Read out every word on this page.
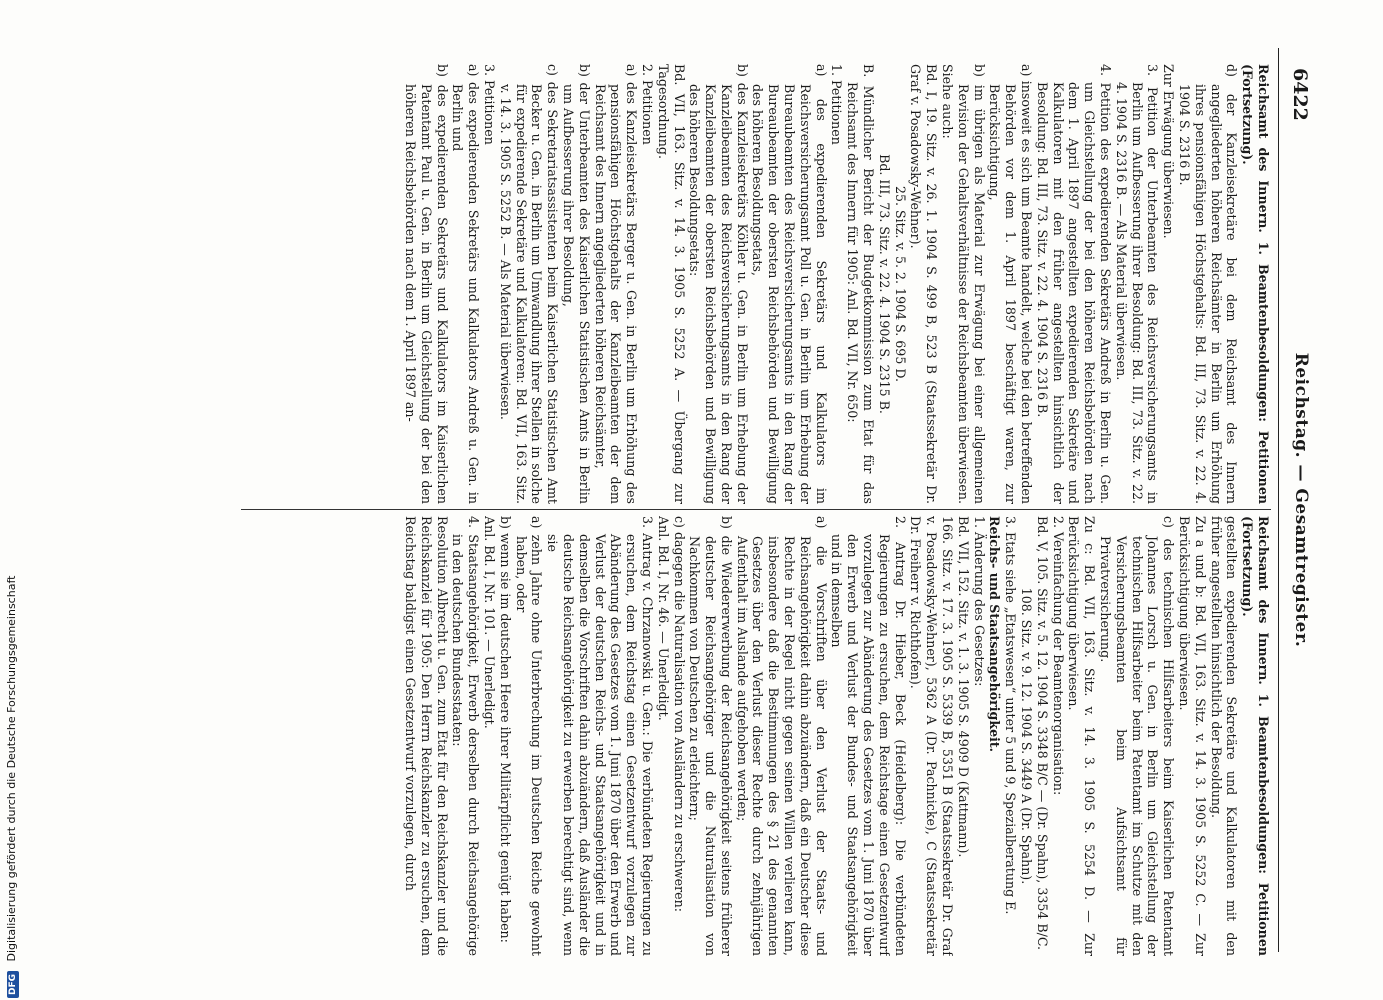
6422
Reichstag. — Gesamtregister.

Reichsamt des Innern. 1. Beamtenbesoldungen: Petitionen (Fortsetzung).

d) der Kanzleisekretäre bei dem Reichsamt des Innern angegliederten höheren Reichsämter in Berlin um Erhöhung ihres pensionsfähigen Höchstgehalts: Bd. III, 73. Sitz. v. 22. 4. 1904 S. 2316 B.

Zur Erwägung überwiesen.

3. Petition der Unterbeamten des Reichsversicherungsamts in Berlin um Aufbesserung ihrer Besoldung: Bd. III, 73. Sitz. v. 22. 4. 1904 S. 2316 B. — Als Material überwiesen.

4. Petition des expedierenden Sekretärs Andreß in Berlin u. Gen. um Gleichstellung der bei den höheren Reichsbehörden nach dem 1. April 1897 angestellten expedierenden Sekretäre und Kalkulatoren mit den früher angestellten hinsichtlich der Besoldung: Bd. III, 73. Sitz. v. 22. 4. 1904 S. 2316 B.

a) insoweit es sich um Beamte handelt, welche bei den betreffenden Behörden vor dem 1. April 1897 beschäftigt waren, zur Berücksichtigung,

b) im übrigen als Material zur Erwägung bei einer allgemeinen Revision der Gehaltsverhältnisse der Reichsbeamten überwiesen.

Siehe auch:

Bd. I, 19. Sitz. v. 26. 1. 1904 S. 499 B, 523 B (Staatssekretär Dr. Graf v. Posadowsky-Wehner).

25. Sitz. v. 5. 2. 1904 S. 695 D.

Bd. III, 73. Sitz. v. 22. 4. 1904 S. 2315 B.

B. Mündlicher Bericht der Budgetkommission zum Etat für das Reichsamt des Innern für 1905: Anl. Bd. VII, Nr. 650:

1. Petitionen

a) des expedierenden Sekretärs und Kalkulators im Reichsversicherungsamt Poll u. Gen. in Berlin um Erhebung der Bureaubeamten des Reichsversicherungsamts in den Rang der Bureaubeamten der obersten Reichsbehörden und Bewilligung des höheren Besoldungsetats,

b) des Kanzleisekretärs Köhler u. Gen. in Berlin um Erhebung der Kanzleibeamten des Reichsversicherungsamts in den Rang der Kanzleibeamten der obersten Reichsbehörden und Bewilligung des höheren Besoldungsetats:

Bd. VII, 163. Sitz. v. 14. 3. 1905 S. 5252 A. — Übergang zur Tagesordnung.

2. Petitionen

a) des Kanzleisekretärs Berger u. Gen. in Berlin um Erhöhung des pensionsfähigen Höchstgehalts der Kanzleibeamten der dem Reichsamt des Innern angegliederten höheren Reichsämter,

b) der Unterbeamten des Kaiserlichen Statistischen Amts in Berlin um Aufbesserung ihrer Besoldung,

c) des Sekretariatsassistenten beim Kaiserlichen Statistischen Amt Becker u. Gen. in Berlin um Umwandlung ihrer Stellen in solche für expedierende Sekretäre und Kalkulatoren: Bd. VII, 163. Sitz. v. 14. 3. 1905 S. 5252 B. — Als Material überwiesen.

3. Petitionen

a) des expedierenden Sekretärs und Kalkulators Andreß u. Gen. in Berlin und

b) des expedierenden Sekretärs und Kalkulators im Kaiserlichen Patentamt Paul u. Gen. in Berlin um Gleichstellung der bei den höheren Reichsbehörden nach dem 1. April 1897 an-

Reichsamt des Innern. 1. Beamtenbesoldungen: Petitionen (Fortsetzung).

gestellten expedierenden Sekretäre und Kalkulatoren mit den früher angestellten hinsichtlich der Besoldung.

Zu a und b: Bd. VII, 163. Sitz. v. 14. 3. 1905 S. 5252 C. — Zur Berücksichtigung überwiesen.

c) des technischen Hilfsarbeiters beim Kaiserlichen Patentamt Johannes Lorsch u. Gen. in Berlin um Gleichstellung der technischen Hilfsarbeiter beim Patentamt im Schutze mit den Versicherungsbeamten beim Aufsichtsamt für Privatversicherung.

Zu c: Bd. VII, 163. Sitz. v. 14. 3. 1905 S. 5254 D. — Zur Berücksichtigung überwiesen.

2. Vereinfachung der Beamtenorganisation:

Bd. V, 105. Sitz. v. 5. 12. 1904 S. 3348 B/C — (Dr. Spahn), 3354 B/C.

108. Sitz. v. 9. 12. 1904 S. 3449 A (Dr. Spahn).

3. Etats siehe „Etatswesen“ unter 5 und 9, Spezialberatung E.

Reichs- und Staatsangehörigkeit.

1. Änderung des Gesetzes:

Bd. VII, 152. Sitz. v. 1. 3. 1905 S. 4909 D (Kattmann).

166. Sitz. v. 17. 3. 1905 S. 5339 B, 5351 B (Staatssekretär Dr. Graf v. Posadowsky-Wehner), 5362 A (Dr. Pachnicke), C (Staatssekretär Dr. Freiherr v. Richthofen).

2. Antrag Dr. Hieber, Beck (Heidelberg): Die verbündeten Regierungen zu ersuchen, dem Reichstage einen Gesetzentwurf vorzulegen zur Abänderung des Gesetzes vom 1. Juni 1870 über den Erwerb und Verlust der Bundes- und Staatsangehörigkeit und in demselben

a) die Vorschriften über den Verlust der Staats- und Reichsangehörigkeit dahin abzuändern, daß ein Deutscher diese Rechte in der Regel nicht gegen seinen Willen verlieren kann, insbesondere daß die Bestimmungen des § 21 des genannten Gesetzes über den Verlust dieser Rechte durch zehnjährigen Aufenthalt im Auslande aufgehoben werden;

b) die Wiedererwerbung der Reichsangehörigkeit seitens früherer deutscher Reichsangehöriger und die Naturalisation von Nachkommen von Deutschen zu erleichtern;

c) dagegen die Naturalisation von Ausländern zu erschweren:

Anl. Bd. I, Nr. 46. — Unerledigt.

3. Antrag v. Chrzanowski u. Gen.: Die verbündeten Regierungen zu ersuchen, dem Reichstag einen Gesetzentwurf vorzulegen zur Abänderung des Gesetzes vom 1. Juni 1870 über den Erwerb und Verlust der deutschen Reichs- und Staatsangehörigkeit und in demselben die Vorschriften dahin abzuändern, daß Ausländer die deutsche Reichsangehörigkeit zu erwerben berechtigt sind, wenn sie

a) zehn Jahre ohne Unterbrechung im Deutschen Reiche gewohnt haben, oder

b) wenn sie im deutschen Heere ihrer Militärpflicht genügt haben:

Anl. Bd. I, Nr. 101. — Unerledigt.

4. Staatsangehörigkeit, Erwerb derselben durch Reichsangehörige in den deutschen Bundesstaaten:

Resolution Albrecht u. Gen. zum Etat für den Reichskanzler und die Reichskanzlei für 1905: Den Herrn Reichskanzler zu ersuchen, dem Reichstag baldigst einen Gesetzentwurf vorzulegen, durch

DFG Digitalisierung gefördert durch die Deutsche Forschungsgemeinschaft
